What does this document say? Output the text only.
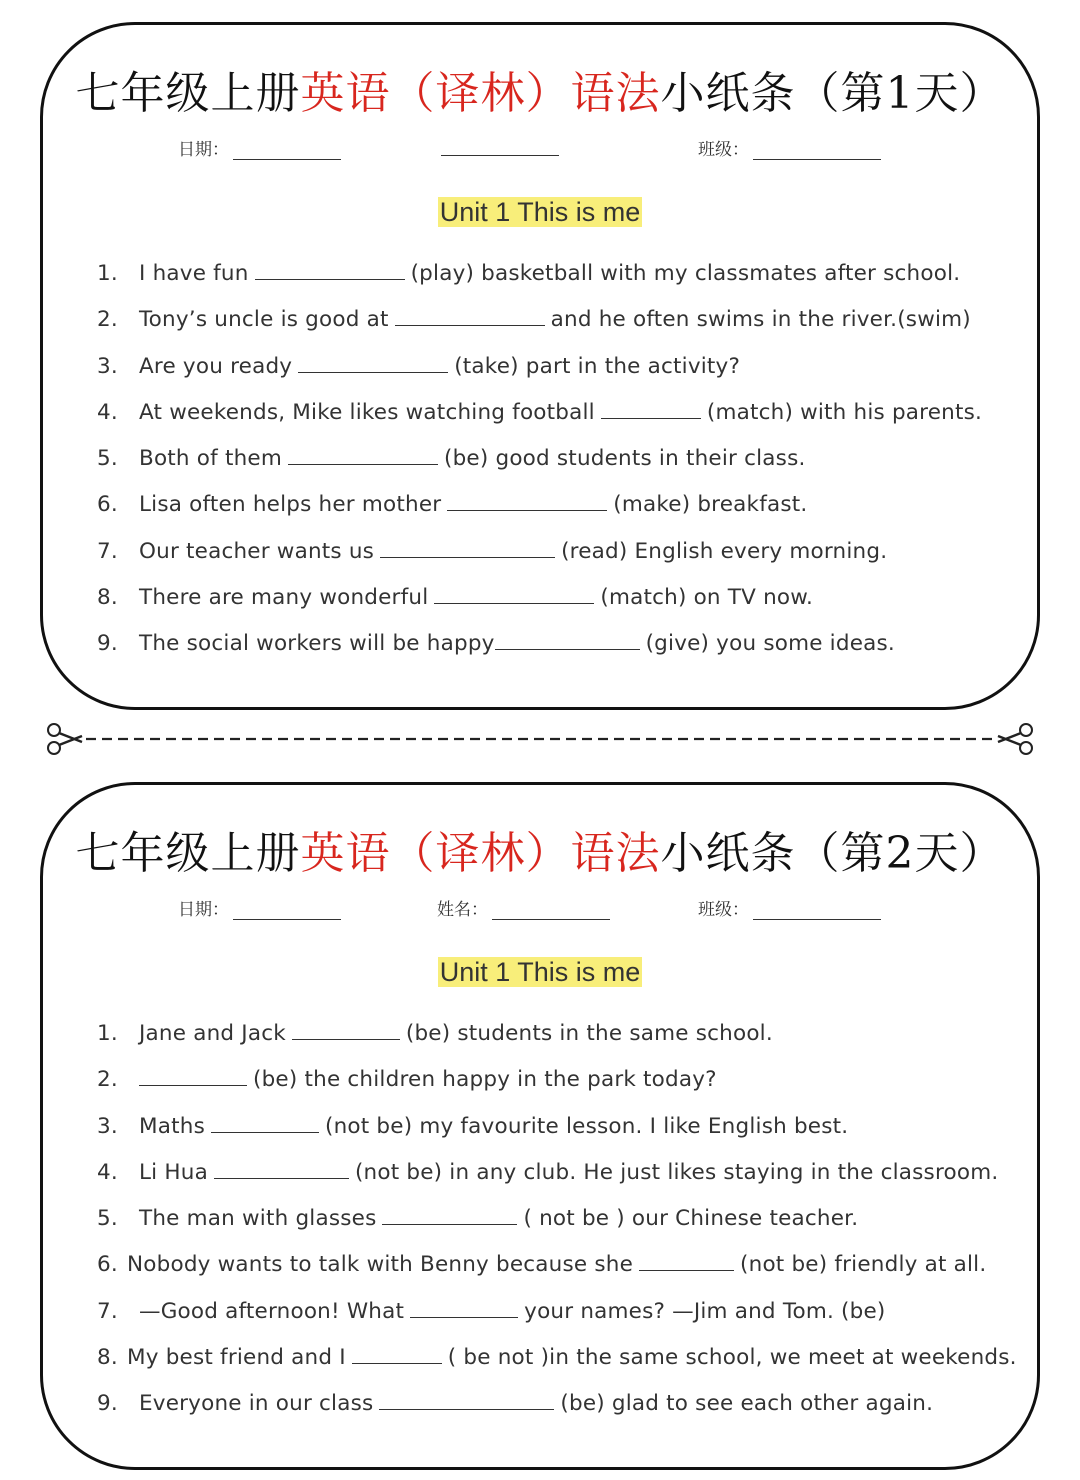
七年级上册英语（译林）语法小纸条（第1天）
日期：	班级：
Unit 1 This is me
1. I have fun	(play) basketball with my classmates after school.
2. Tony’s uncle is good at	and he often swims in the river.(swim)
3. Are you ready	(take) part in the activity?
4. At weekends, Mike likes watching football	(match) with his parents.
5. Both of them	(be) good students in their class.
6. Lisa often helps her mother	(make) breakfast.
7. Our teacher wants us	(read) English every morning.
8. There are many wonderful	(match) on TV now.
9. The social workers will be happy	(give) you some ideas.
七年级上册英语（译林）语法小纸条（第2天）
日期：	姓名：	班级：
Unit 1 This is me
1. Jane and Jack	(be) students in the same school.
2.	(be) the children happy in the park today?
3. Maths	(not be) my favourite lesson. I like English best.
4. Li Hua	(not be) in any club. He just likes staying in the classroom.
5. The man with glasses	( not be ) our Chinese teacher.
6. Nobody wants to talk with Benny because she	(not be) friendly at all.
7. —Good afternoon! What	your names? —Jim and Tom. (be)
8. My best friend and I	( be not )in the same school, we meet at weekends.
9. Everyone in our class	(be) glad to see each other again.
